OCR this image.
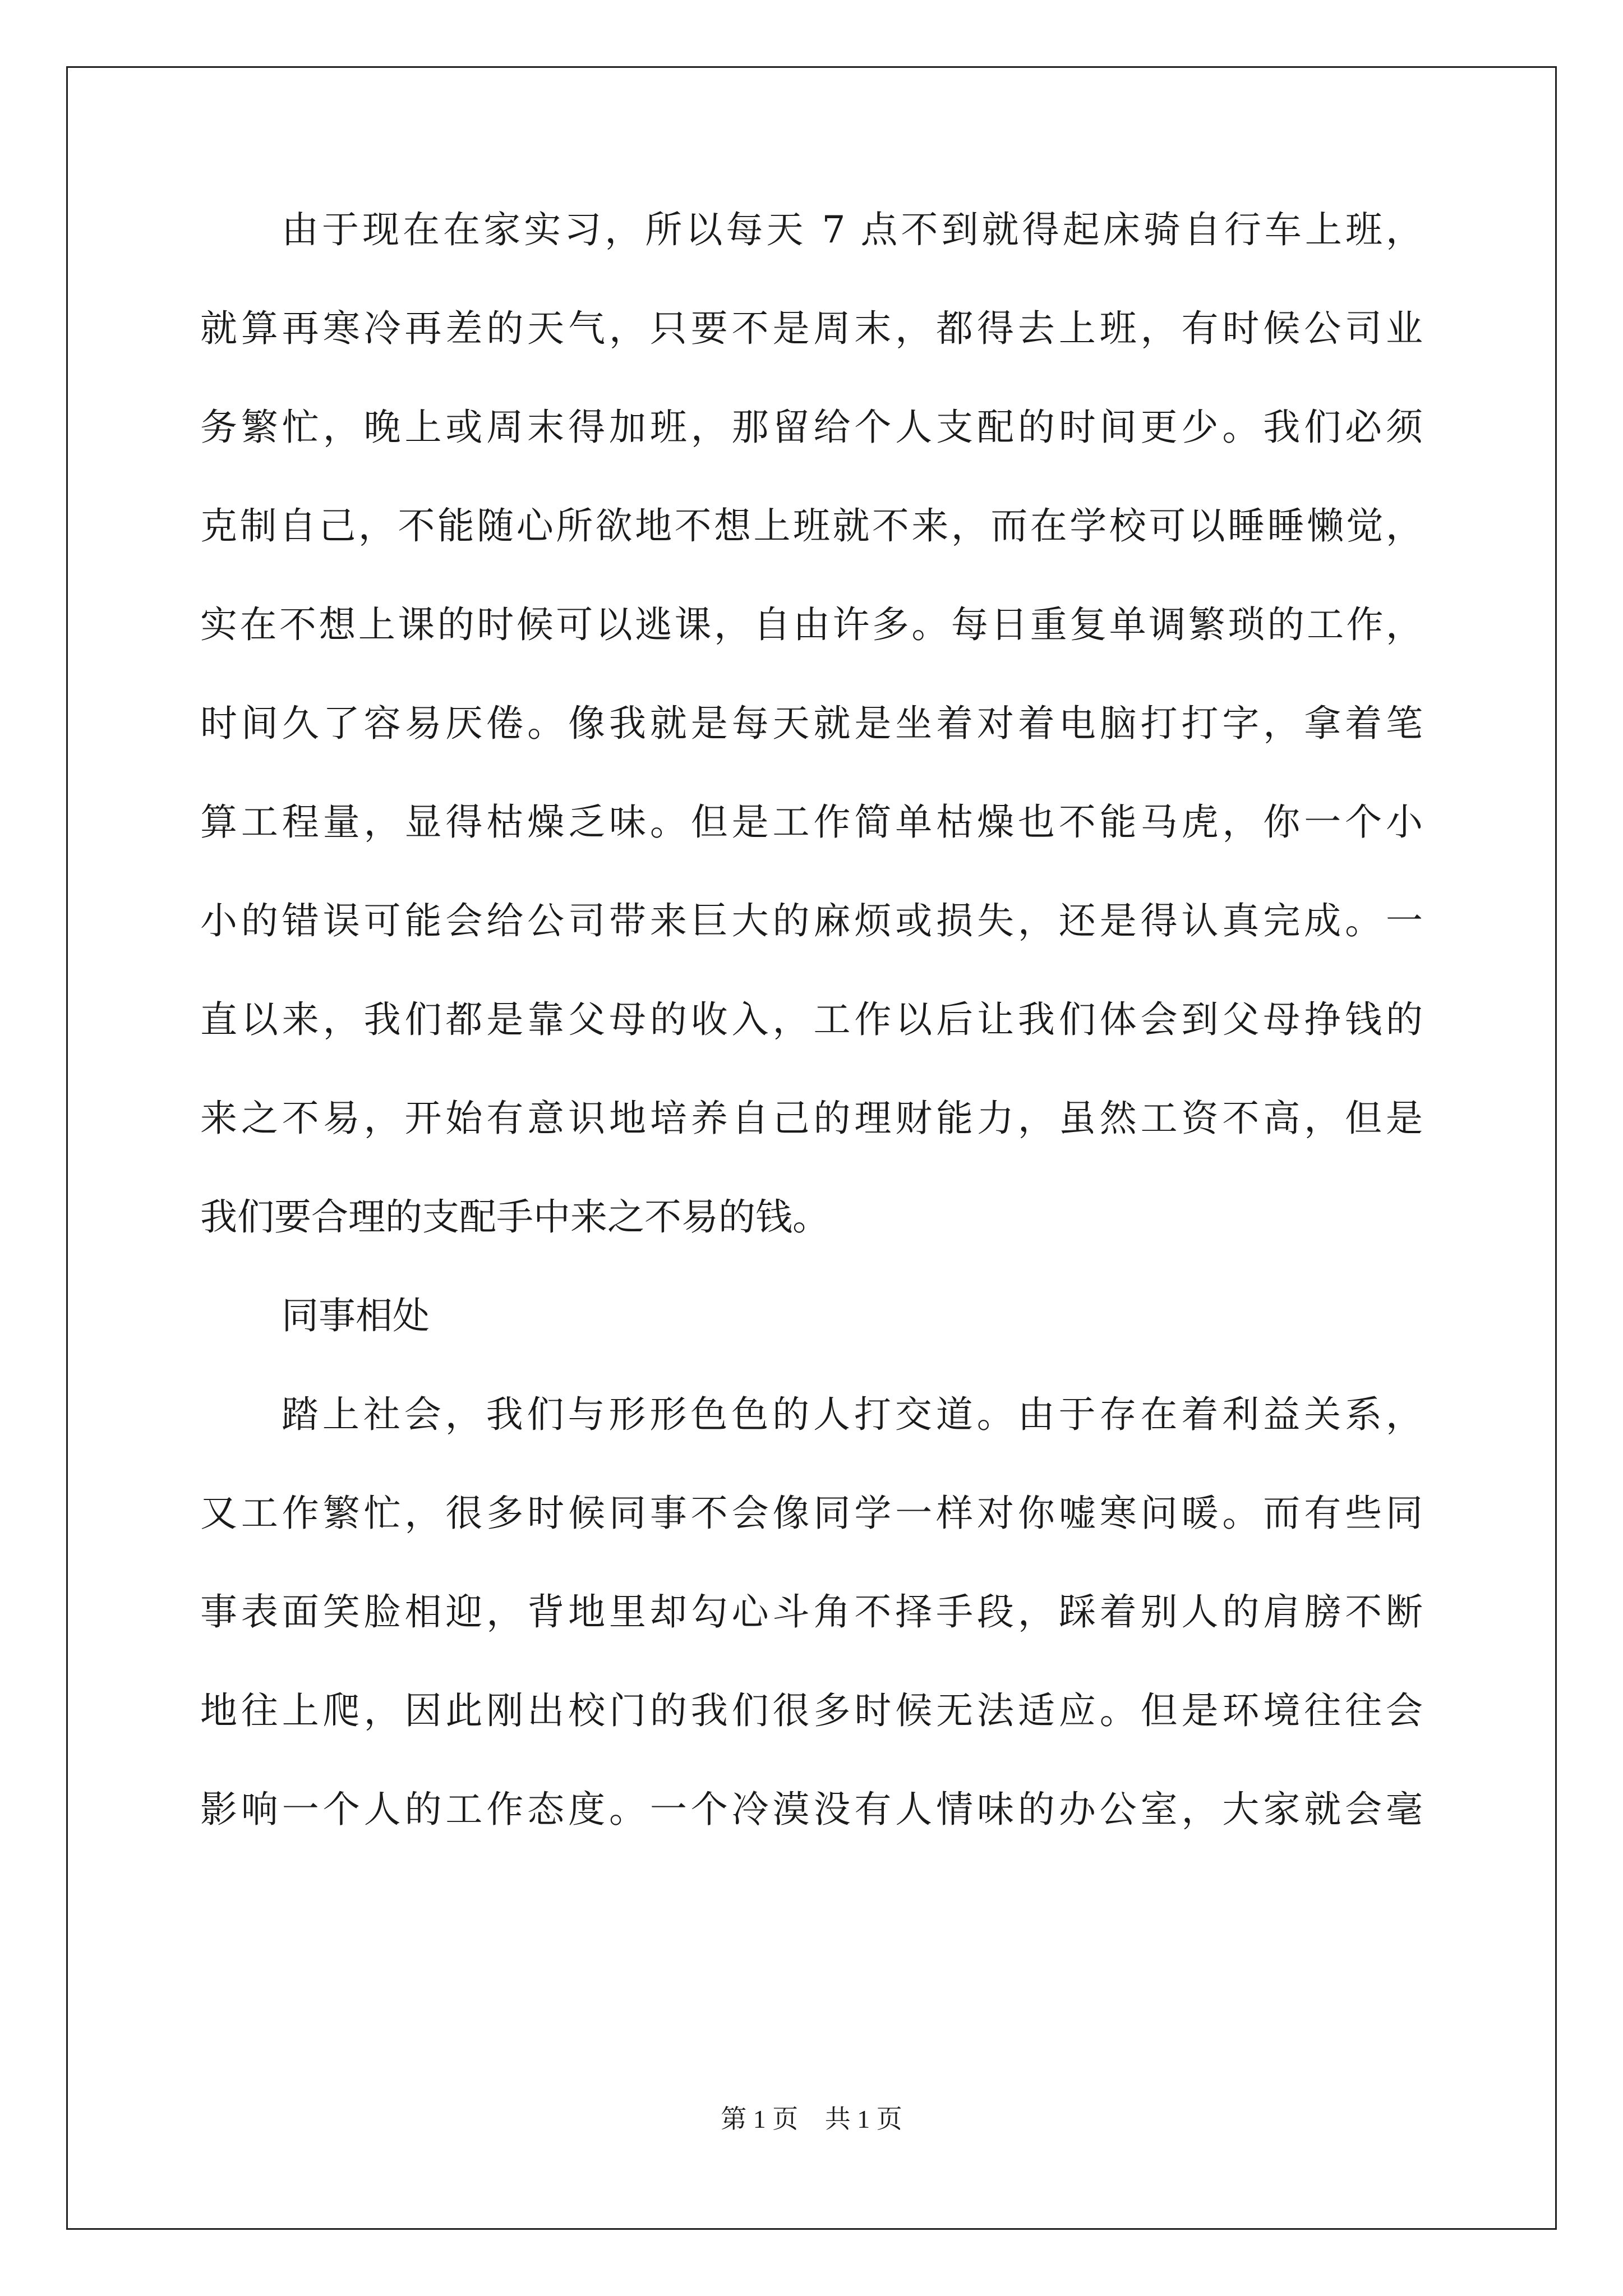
由于现在在家实习，所以每天 7 点不到就得起床骑自行车上班，
就算再寒冷再差的天气，只要不是周末，都得去上班，有时候公司业
务繁忙，晚上或周末得加班，那留给个人支配的时间更少。我们必须
克制自己，不能随心所欲地不想上班就不来，而在学校可以睡睡懒觉，
实在不想上课的时候可以逃课，自由许多。每日重复单调繁琐的工作，
时间久了容易厌倦。像我就是每天就是坐着对着电脑打打字，拿着笔
算工程量，显得枯燥乏味。但是工作简单枯燥也不能马虎，你一个小
小的错误可能会给公司带来巨大的麻烦或损失，还是得认真完成。一
直以来，我们都是靠父母的收入，工作以后让我们体会到父母挣钱的
来之不易，开始有意识地培养自己的理财能力，虽然工资不高，但是
我们要合理的支配手中来之不易的钱。
同事相处
踏上社会，我们与形形色色的人打交道。由于存在着利益关系，
又工作繁忙，很多时候同事不会像同学一样对你嘘寒问暖。而有些同
事表面笑脸相迎，背地里却勾心斗角不择手段，踩着别人的肩膀不断
地往上爬，因此刚出校门的我们很多时候无法适应。但是环境往往会
影响一个人的工作态度。一个冷漠没有人情味的办公室，大家就会毫
第 1 页 共 1 页
